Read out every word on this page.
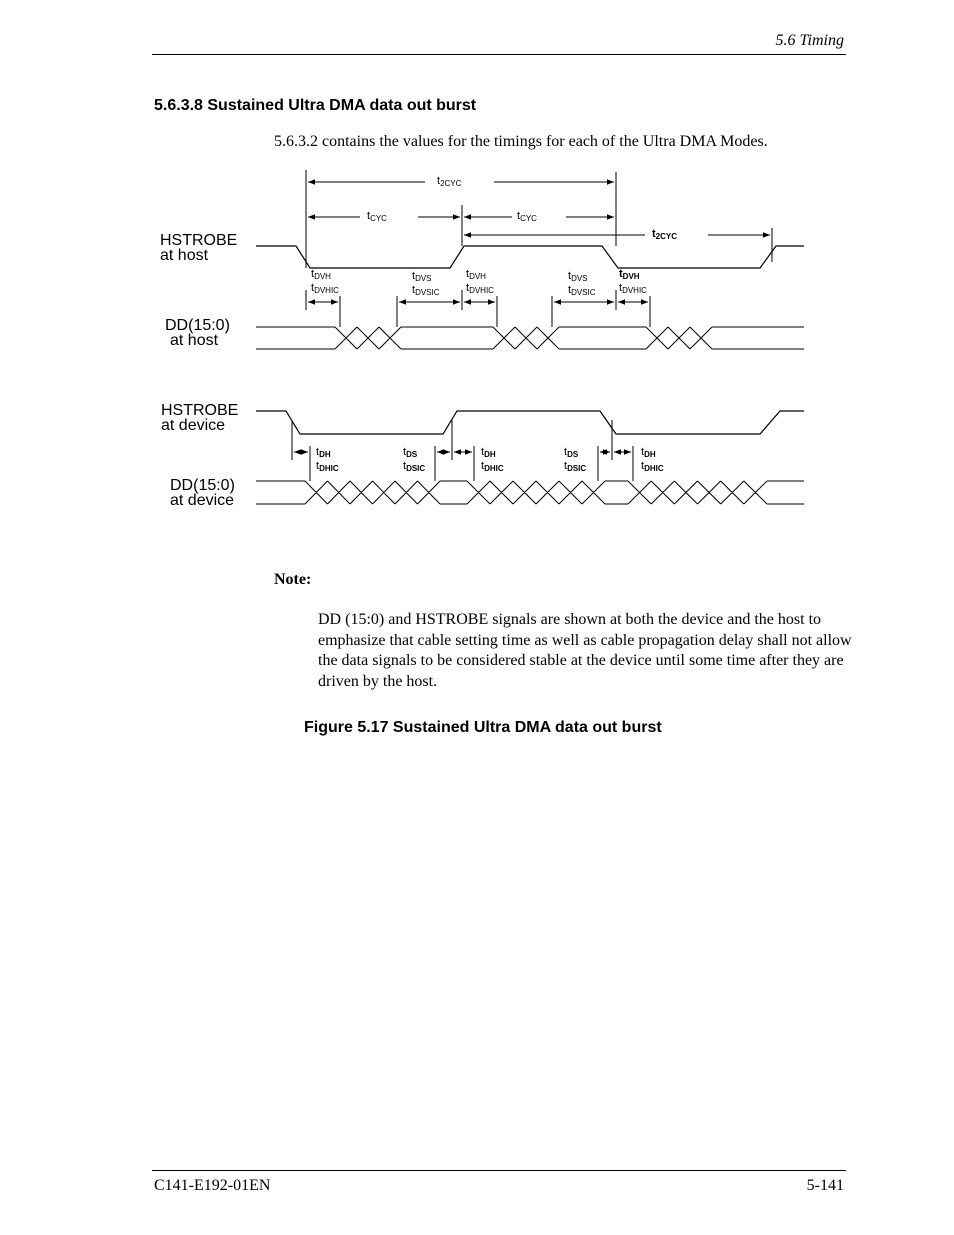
5.6 Timing
5.6.3.8 Sustained Ultra DMA data out burst
5.6.3.2 contains the values for the timings for each of the Ultra DMA Modes.
HSTROBE
at host
DD(15:0)
at host
HSTROBE
at device
DD(15:0)
at device
t2CYC
tCYC	tCYC
t2CYC
tDVH
tDVHIC
tDVS
tDVSIC
tDVH
tDVHIC
tDVS
tDVSIC
tDVH
tDVHIC
tDH
tDHIC
tDS
tDSIC
tDH
tDHIC
tDS
tDSIC
tDH
tDHIC
Note:
DD (15:0) and HSTROBE signals are shown at both the device and the host to emphasize that cable setting time as well as cable propagation delay shall not allow the data signals to be considered stable at the device until some time after they are driven by the host.
Figure 5.17 Sustained Ultra DMA data out burst
C141-E192-01EN	5-141
